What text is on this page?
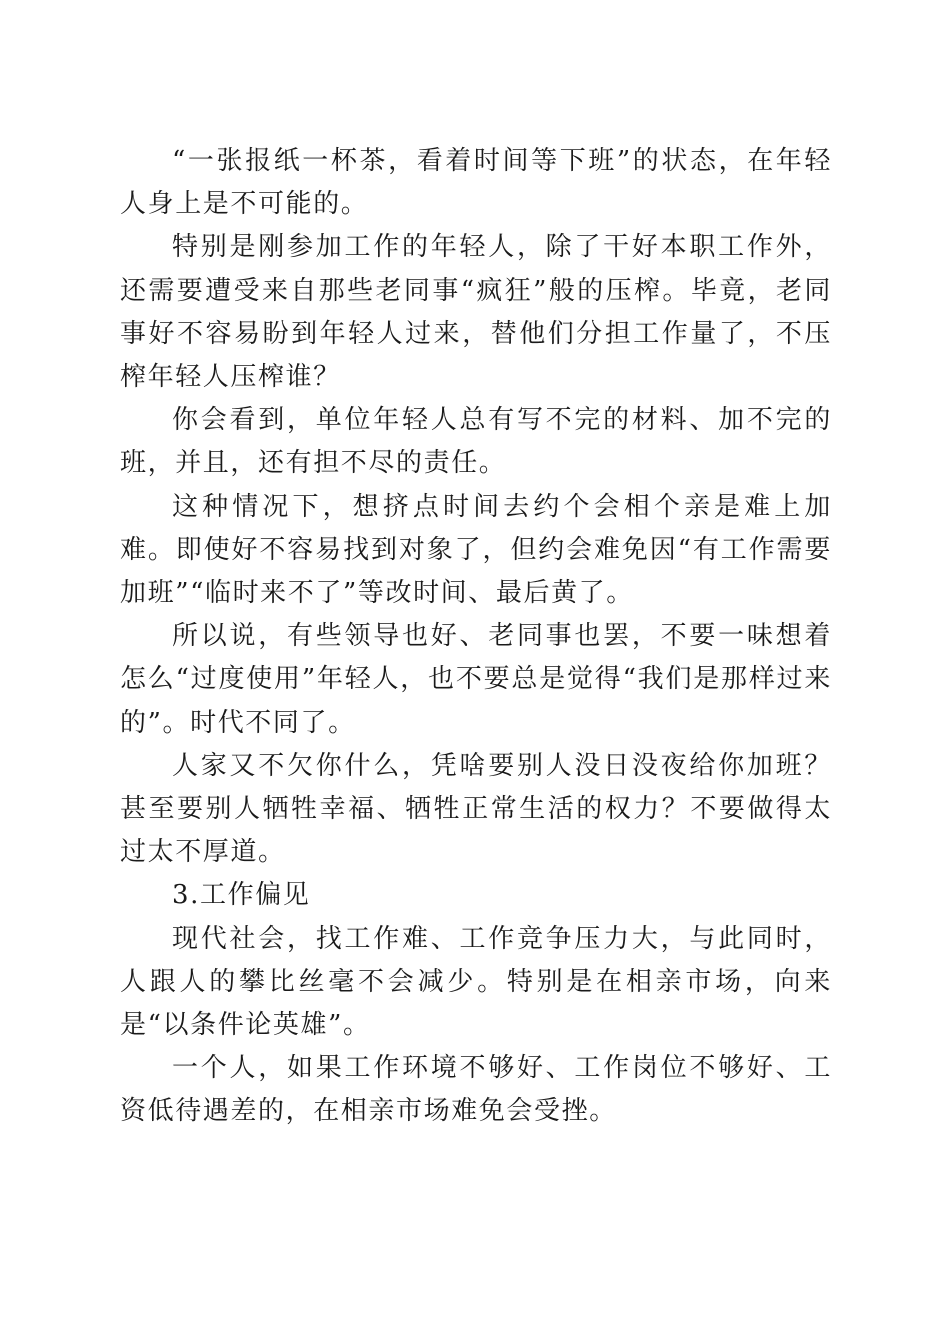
“一张报纸一杯茶，看着时间等下班”的状态，在年轻人身上是不可能的。

特别是刚参加工作的年轻人，除了干好本职工作外，还需要遭受来自那些老同事“疯狂”般的压榨。毕竟，老同事好不容易盼到年轻人过来，替他们分担工作量了，不压榨年轻人压榨谁？

你会看到，单位年轻人总有写不完的材料、加不完的班，并且，还有担不尽的责任。

这种情况下，想挤点时间去约个会相个亲是难上加难。即使好不容易找到对象了，但约会难免因“有工作需要加班”“临时来不了”等改时间、最后黄了。

所以说，有些领导也好、老同事也罢，不要一味想着怎么“过度使用”年轻人，也不要总是觉得“我们是那样过来的”。时代不同了。

人家又不欠你什么，凭啥要别人没日没夜给你加班？甚至要别人牺牲幸福、牺牲正常生活的权力？不要做得太过太不厚道。

3.工作偏见

现代社会，找工作难、工作竞争压力大，与此同时，人跟人的攀比丝毫不会减少。特别是在相亲市场，向来是“以条件论英雄”。

一个人，如果工作环境不够好、工作岗位不够好、工资低待遇差的，在相亲市场难免会受挫。
